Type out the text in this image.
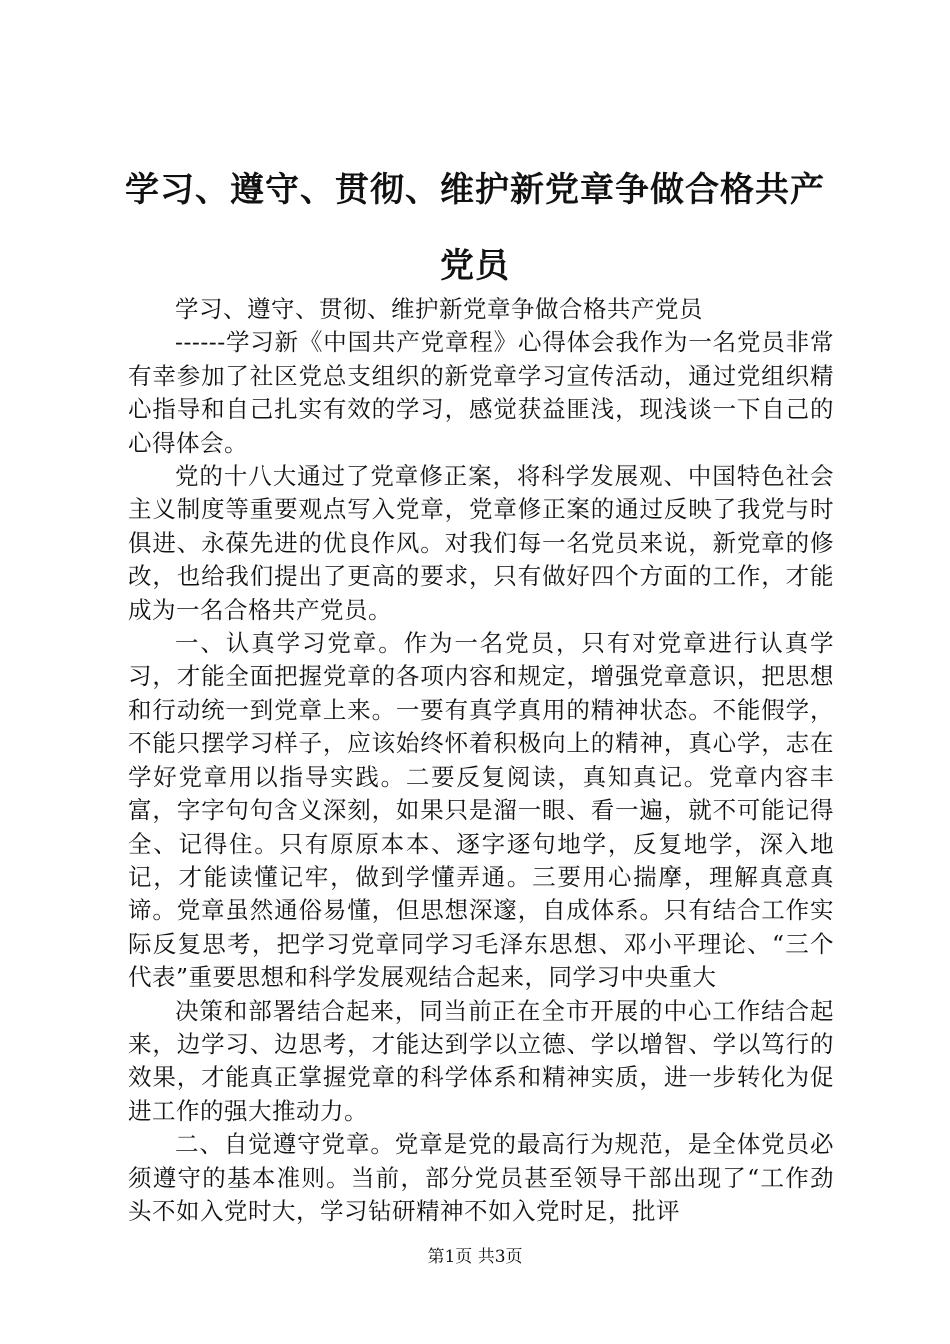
学习、遵守、贯彻、维护新党章争做合格共产党员

学习、遵守、贯彻、维护新党章争做合格共产党员

------学习新《中国共产党章程》心得体会我作为一名党员非常有幸参加了社区党总支组织的新党章学习宣传活动，通过党组织精心指导和自己扎实有效的学习，感觉获益匪浅，现浅谈一下自己的心得体会。

党的十八大通过了党章修正案，将科学发展观、中国特色社会主义制度等重要观点写入党章，党章修正案的通过反映了我党与时俱进、永葆先进的优良作风。对我们每一名党员来说，新党章的修改，也给我们提出了更高的要求，只有做好四个方面的工作，才能成为一名合格共产党员。

一、认真学习党章。作为一名党员，只有对党章进行认真学习，才能全面把握党章的各项内容和规定，增强党章意识，把思想和行动统一到党章上来。一要有真学真用的精神状态。不能假学，不能只摆学习样子，应该始终怀着积极向上的精神，真心学，志在学好党章用以指导实践。二要反复阅读，真知真记。党章内容丰富，字字句句含义深刻，如果只是溜一眼、看一遍，就不可能记得全、记得住。只有原原本本、逐字逐句地学，反复地学，深入地记，才能读懂记牢，做到学懂弄通。三要用心揣摩，理解真意真谛。党章虽然通俗易懂，但思想深邃，自成体系。只有结合工作实际反复思考，把学习党章同学习毛泽东思想、邓小平理论、“三个代表”重要思想和科学发展观结合起来，同学习中央重大

决策和部署结合起来，同当前正在全市开展的中心工作结合起来，边学习、边思考，才能达到学以立德、学以增智、学以笃行的效果，才能真正掌握党章的科学体系和精神实质，进一步转化为促进工作的强大推动力。

二、自觉遵守党章。党章是党的最高行为规范，是全体党员必须遵守的基本准则。当前，部分党员甚至领导干部出现了“工作劲头不如入党时大，学习钻研精神不如入党时足，批评

第1页 共3页
